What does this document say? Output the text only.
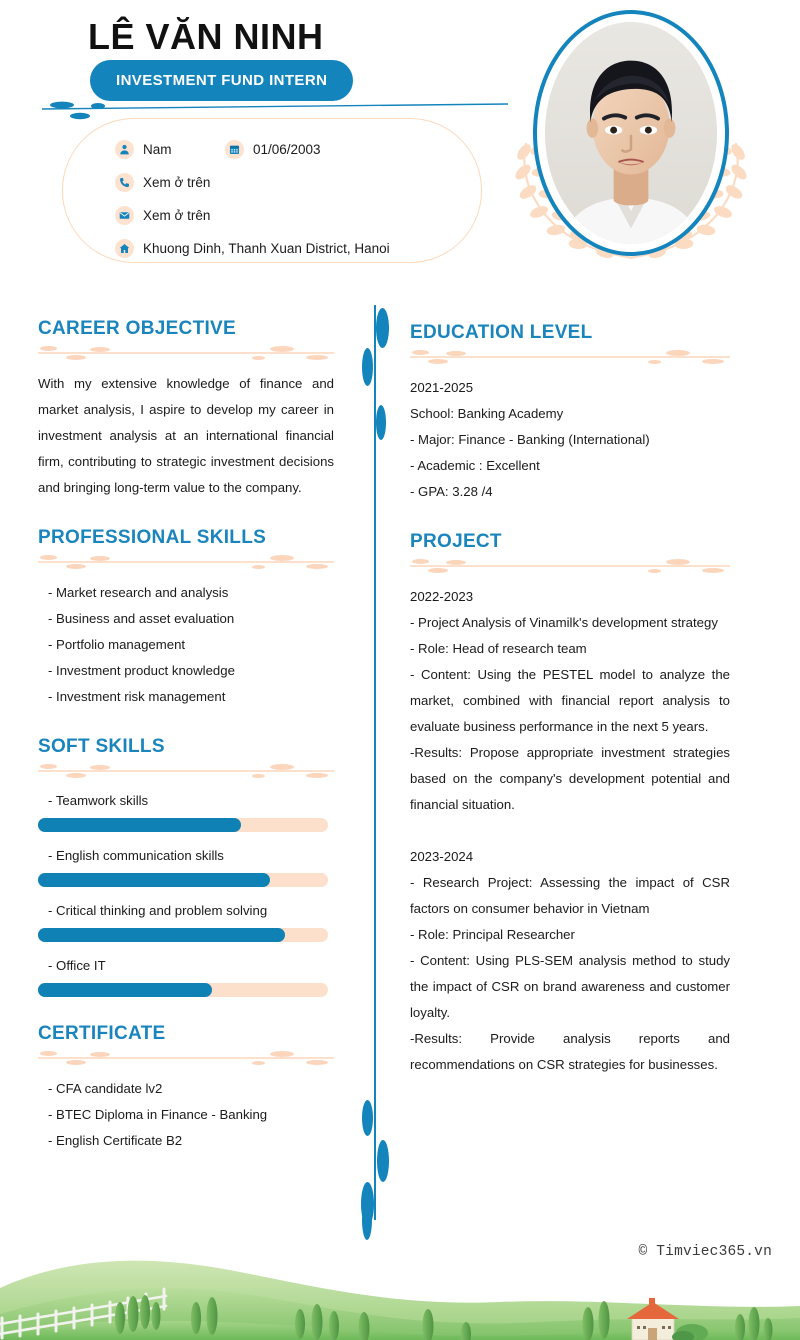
LÊ VĂN NINH
INVESTMENT FUND INTERN
Nam	01/06/2003
Xem ở trên
Xem ở trên
Khuong Dinh, Thanh Xuan District, Hanoi
CAREER OBJECTIVE
With my extensive knowledge of finance and market analysis, I aspire to develop my career in investment analysis at an international financial firm, contributing to strategic investment decisions and bringing long-term value to the company.
PROFESSIONAL SKILLS
- Market research and analysis
- Business and asset evaluation
- Portfolio management
- Investment product knowledge
- Investment risk management
SOFT SKILLS
- Teamwork skills
- English communication skills
- Critical thinking and problem solving
- Office IT
CERTIFICATE
- CFA candidate lv2
- BTEC Diploma in Finance - Banking
- English Certificate B2
EDUCATION LEVEL
2021-2025
School: Banking Academy
- Major: Finance - Banking (International)
- Academic : Excellent
- GPA: 3.28 /4
PROJECT
2022-2023
- Project Analysis of Vinamilk's development strategy
- Role: Head of research team
- Content: Using the PESTEL model to analyze the market, combined with financial report analysis to evaluate business performance in the next 5 years.
-Results: Propose appropriate investment strategies based on the company's development potential and financial situation.
2023-2024
- Research Project: Assessing the impact of CSR factors on consumer behavior in Vietnam
- Role: Principal Researcher
- Content: Using PLS-SEM analysis method to study the impact of CSR on brand awareness and customer loyalty.
-Results: Provide analysis reports and recommendations on CSR strategies for businesses.
© Timviec365.vn
